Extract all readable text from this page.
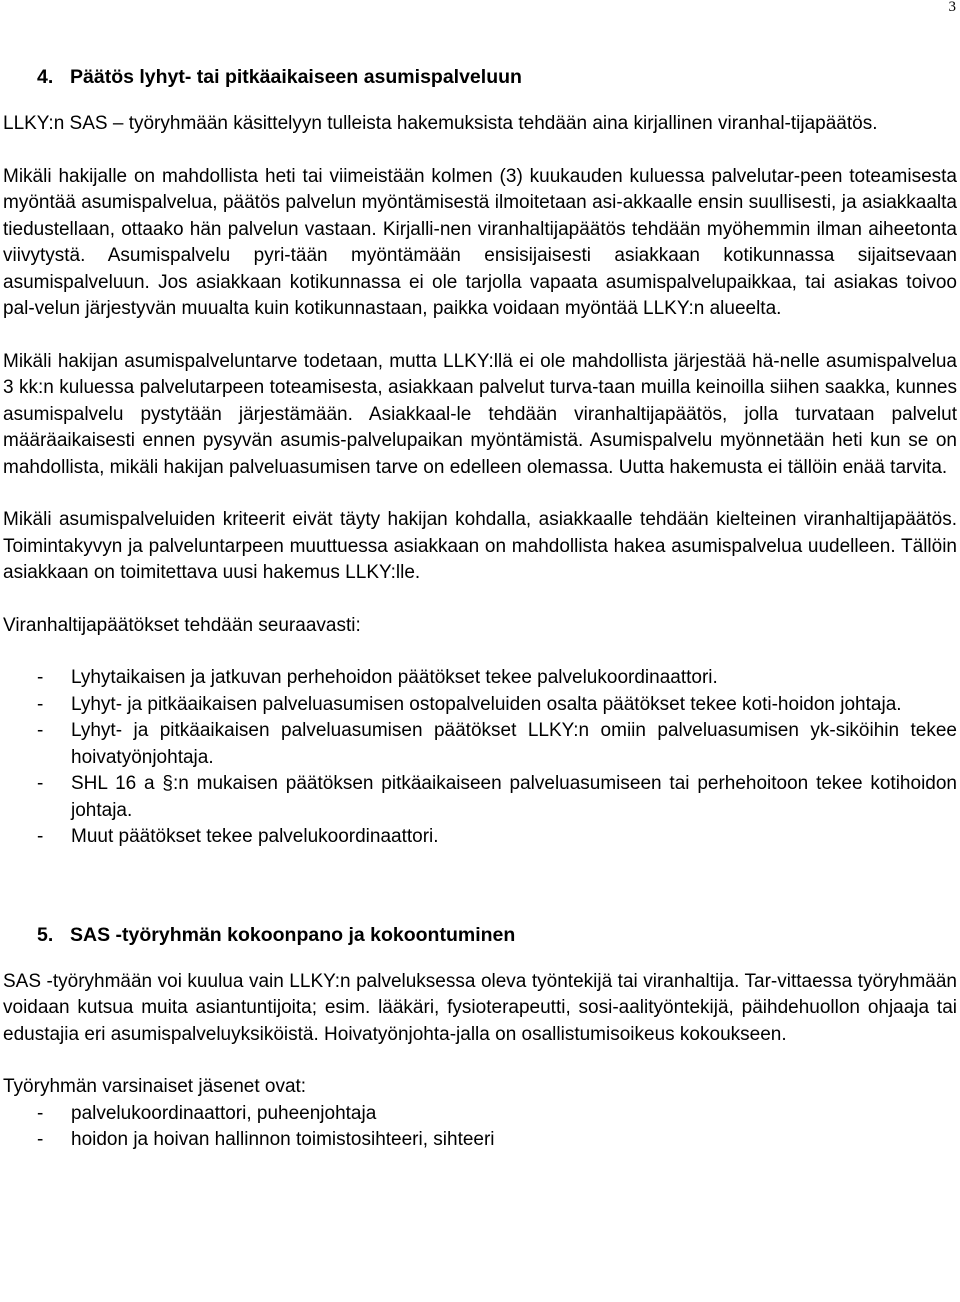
3
4. Päätös lyhyt- tai pitkäaikaiseen asumispalveluun

LLKY:n SAS – työryhmään käsittelyyn tulleista hakemuksista tehdään aina kirjallinen viranhal-tijapäätös.

Mikäli hakijalle on mahdollista heti tai viimeistään kolmen (3) kuukauden kuluessa palvelutar-peen toteamisesta myöntää asumispalvelua, päätös palvelun myöntämisestä ilmoitetaan asi-akkaalle ensin suullisesti, ja asiakkaalta tiedustellaan, ottaako hän palvelun vastaan. Kirjalli-nen viranhaltijapäätös tehdään myöhemmin ilman aiheetonta viivytystä. Asumispalvelu pyri-tään myöntämään ensisijaisesti asiakkaan kotikunnassa sijaitsevaan asumispalveluun. Jos asiakkaan kotikunnassa ei ole tarjolla vapaata asumispalvelupaikkaa, tai asiakas toivoo pal-velun järjestyvän muualta kuin kotikunnastaan, paikka voidaan myöntää LLKY:n alueelta.

Mikäli hakijan asumispalveluntarve todetaan, mutta LLKY:llä ei ole mahdollista järjestää hä-nelle asumispalvelua 3 kk:n kuluessa palvelutarpeen toteamisesta, asiakkaan palvelut turva-taan muilla keinoilla siihen saakka, kunnes asumispalvelu pystytään järjestämään. Asiakkaal-le tehdään viranhaltijapäätös, jolla turvataan palvelut määräaikaisesti ennen pysyvän asumis-palvelupaikan myöntämistä. Asumispalvelu myönnetään heti kun se on mahdollista, mikäli hakijan palveluasumisen tarve on edelleen olemassa. Uutta hakemusta ei tällöin enää tarvita.

Mikäli asumispalveluiden kriteerit eivät täyty hakijan kohdalla, asiakkaalle tehdään kielteinen viranhaltijapäätös. Toimintakyvyn ja palveluntarpeen muuttuessa asiakkaan on mahdollista hakea asumispalvelua uudelleen. Tällöin asiakkaan on toimitettava uusi hakemus LLKY:lle.

Viranhaltijapäätökset tehdään seuraavasti:

- Lyhytaikaisen ja jatkuvan perhehoidon päätökset tekee palvelukoordinaattori.
- Lyhyt- ja pitkäaikaisen palveluasumisen ostopalveluiden osalta päätökset tekee koti-hoidon johtaja.
- Lyhyt- ja pitkäaikaisen palveluasumisen päätökset LLKY:n omiin palveluasumisen yk-siköihin tekee hoivatyönjohtaja.
- SHL 16 a §:n mukaisen päätöksen pitkäaikaiseen palveluasumiseen tai perhehoitoon tekee kotihoidon johtaja.
- Muut päätökset tekee palvelukoordinaattori.
5. SAS -työryhmän kokoonpano ja kokoontuminen

SAS -työryhmään voi kuulua vain LLKY:n palveluksessa oleva työntekijä tai viranhaltija. Tar-vittaessa työryhmään voidaan kutsua muita asiantuntijoita; esim. lääkäri, fysioterapeutti, sosi-aalityöntekijä, päihdehuollon ohjaaja tai edustajia eri asumispalveluyksiköistä. Hoivatyönjohta-jalla on osallistumisoikeus kokoukseen.

Työryhmän varsinaiset jäsenet ovat:

- palvelukoordinaattori, puheenjohtaja
- hoidon ja hoivan hallinnon toimistosihteeri, sihteeri
